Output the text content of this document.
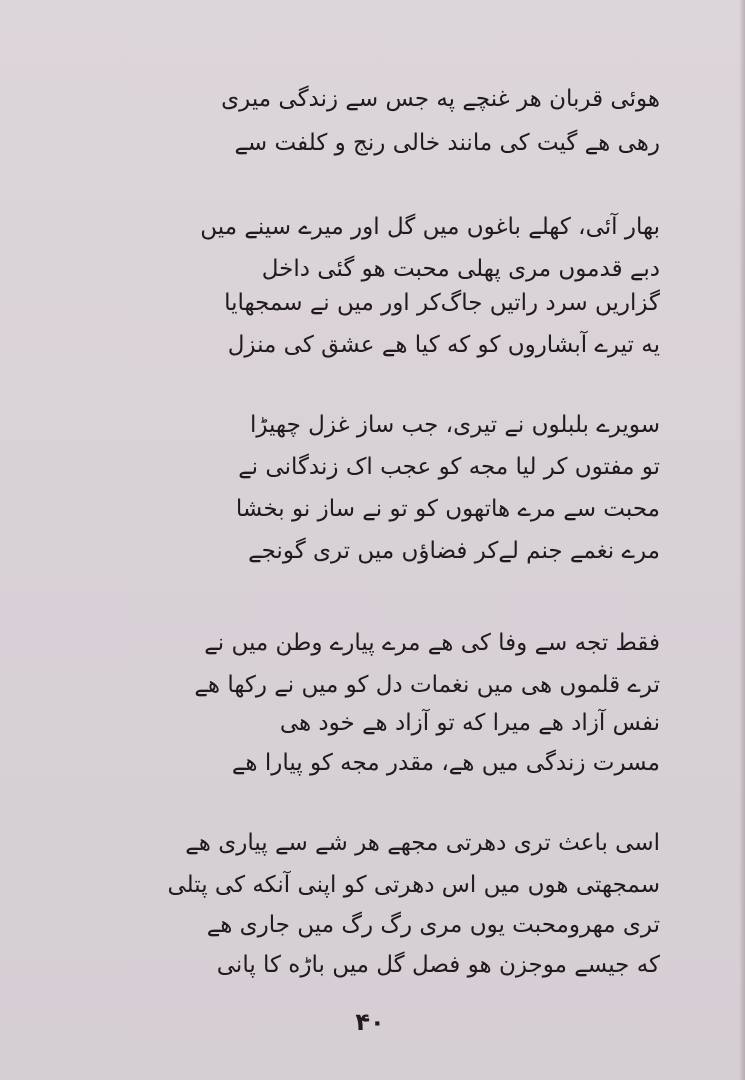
هوئی قربان هر غنچے په جس سے زندگی میری
رهی هے گیت کی مانند خالی رنج و کلفت سے
بهار آئی، کهلے باغوں میں گل اور میرے سینے میں
دبے قدموں مری پهلی محبت هو گئی داخل
گزاریں سرد راتیں جاگ‌کر اور میں نے سمجهایا
یه تیرے آبشاروں کو که کیا هے عشق کی منزل
سویرے بلبلوں نے تیری، جب ساز غزل چهیڑا
تو مفتوں کر لیا مجه کو عجب اک زندگانی نے
محبت سے مرے هاتهوں کو تو نے ساز نو بخشا
مرے نغمے جنم لےکر فضاؤں میں تری گونجے
فقط تجه سے وفا کی هے مرے پیارے وطن میں نے
ترے قلموں هی میں نغمات دل کو میں نے رکها هے
نفس آزاد هے میرا که تو آزاد هے خود هی
مسرت زندگی میں هے، مقدر مجه کو پیارا هے
اسی باعث تری دهرتی مجهے هر شے سے پیاری هے
سمجهتی هوں میں اس دهرتی کو اپنی آنکه کی پتلی
تری مهرومحبت یوں مری رگ رگ میں جاری هے
که جیسے موجزن هو فصل گل میں باڑه کا پانی
۴۰
